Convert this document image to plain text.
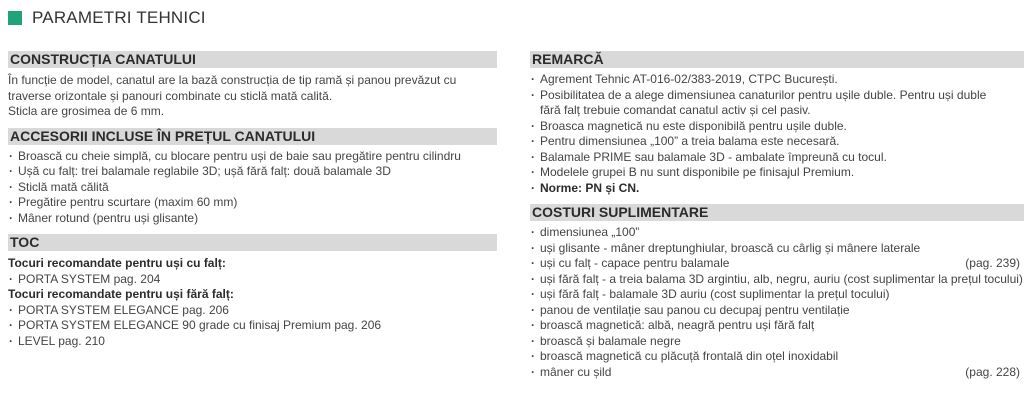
PARAMETRI TEHNICI
CONSTRUCȚIA CANATULUI
În funcție de model, canatul are la bază construcția de tip ramă și panou prevăzut cu
traverse orizontale și panouri combinate cu sticlă mată calită.
Sticla are grosimea de 6 mm.
ACCESORII INCLUSE ÎN PREȚUL CANATULUI
· Broască cu cheie simplă, cu blocare pentru uși de baie sau pregătire pentru cilindru
· Ușă cu falț: trei balamale reglabile 3D; ușă fără falț: două balamale 3D
· Sticlă mată călită
· Pregătire pentru scurtare (maxim 60 mm)
· Mâner rotund (pentru uși glisante)
TOC
Tocuri recomandate pentru uși cu falț:
· PORTA SYSTEM pag. 204
Tocuri recomandate pentru uși fără falț:
· PORTA SYSTEM ELEGANCE pag. 206
· PORTA SYSTEM ELEGANCE 90 grade cu finisaj Premium pag. 206
· LEVEL pag. 210
REMARCĂ
· Agrement Tehnic AT-016-02/383-2019, CTPC București.
· Posibilitatea de a alege dimensiunea canaturilor pentru ușile duble. Pentru uși duble
fără falț trebuie comandat canatul activ și cel pasiv.
· Broasca magnetică nu este disponibilă pentru ușile duble.
· Pentru dimensiunea „100” a treia balama este necesară.
· Balamale PRIME sau balamale 3D - ambalate împreună cu tocul.
· Modelele grupei B nu sunt disponibile pe finisajul Premium.
· Norme: PN și CN.
COSTURI SUPLIMENTARE
· dimensiunea „100”
· uși glisante - mâner dreptunghiular, broască cu cârlig și mânere laterale
· uși cu falț - capace pentru balamale	(pag. 239)
· uși fără falț - a treia balama 3D argintiu, alb, negru, auriu (cost suplimentar la prețul tocului)
· uși fără falț - balamale 3D auriu (cost suplimentar la prețul tocului)
· panou de ventilație sau panou cu decupaj pentru ventilație
· broască magnetică: albă, neagră pentru uși fără falț
· broască și balamale negre
· broască magnetică cu plăcuță frontală din oțel inoxidabil
· mâner cu șild	(pag. 228)
